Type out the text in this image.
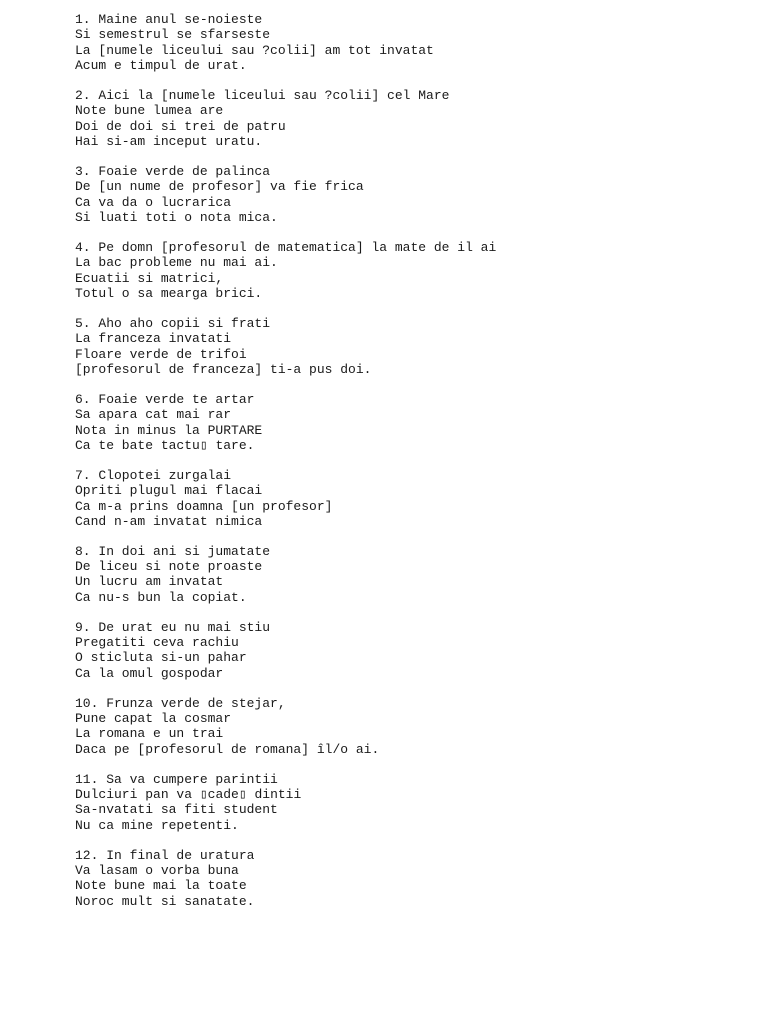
1. Maine anul se-noieste
Si semestrul se sfarseste
La [numele liceului sau ?colii] am tot invatat
Acum e timpul de urat.
2. Aici la [numele liceului sau ?colii] cel Mare
Note bune lumea are
Doi de doi si trei de patru
Hai si-am inceput uratu.
3. Foaie verde de palinca
De [un nume de profesor] va fie frica
Ca va da o lucrarica
Si luati toti o nota mica.
4. Pe domn [profesorul de matematica] la mate de il ai
La bac probleme nu mai ai.
Ecuatii si matrici,
Totul o sa mearga brici.
5. Aho aho copii si frati
La franceza invatati
Floare verde de trifoi
[profesorul de franceza] ti-a pus doi.
6. Foaie verde te artar
Sa apara cat mai rar
Nota in minus la PURTARE
Ca te bate tactu▯ tare.
7. Clopotei zurgalai
Opriti plugul mai flacai
Ca m-a prins doamna [un profesor]
Cand n-am invatat nimica
8. In doi ani si jumatate
De liceu si note proaste
Un lucru am invatat
Ca nu-s bun la copiat.
9. De urat eu nu mai stiu
Pregatiti ceva rachiu
O sticluta si-un pahar
Ca la omul gospodar
10. Frunza verde de stejar,
Pune capat la cosmar
La romana e un trai
Daca pe [profesorul de romana] îl/o ai.
11. Sa va cumpere parintii
Dulciuri pan va ▯cade▯ dintii
Sa-nvatati sa fiti student
Nu ca mine repetenti.
12. In final de uratura
Va lasam o vorba buna
Note bune mai la toate
Noroc mult si sanatate.
